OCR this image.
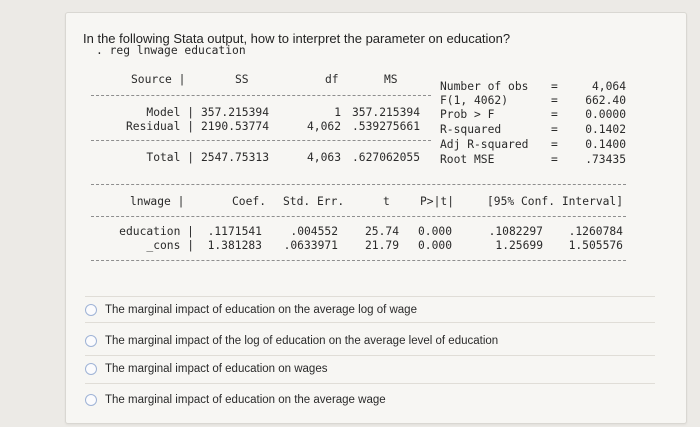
In the following Stata output, how to interpret the parameter on education?
. reg lnwage education
Source |	SS	df	MS
Model | 357.215394	1 357.215394
Residual | 2190.53774	4,062 .539275661
Total | 2547.75313	4,063 .627062055
Number of obs =	4,064
F(1, 4062)	=	662.40
Prob > F	=	0.0000
R-squared	=	0.1402
Adj R-squared =	0.1400
Root MSE	=	.73435
lnwage |	Coef. Std. Err.	t	P>|t|	[95% Conf. Interval]
education |	.1171541	.004552	25.74 0.000	.1082297	.1260784
_cons |	1.381283	.0633971	21.79 0.000	1.25699	1.505576
The marginal impact of education on the average log of wage
The marginal impact of the log of education on the average level of education
The marginal impact of education on wages
The marginal impact of education on the average wage
